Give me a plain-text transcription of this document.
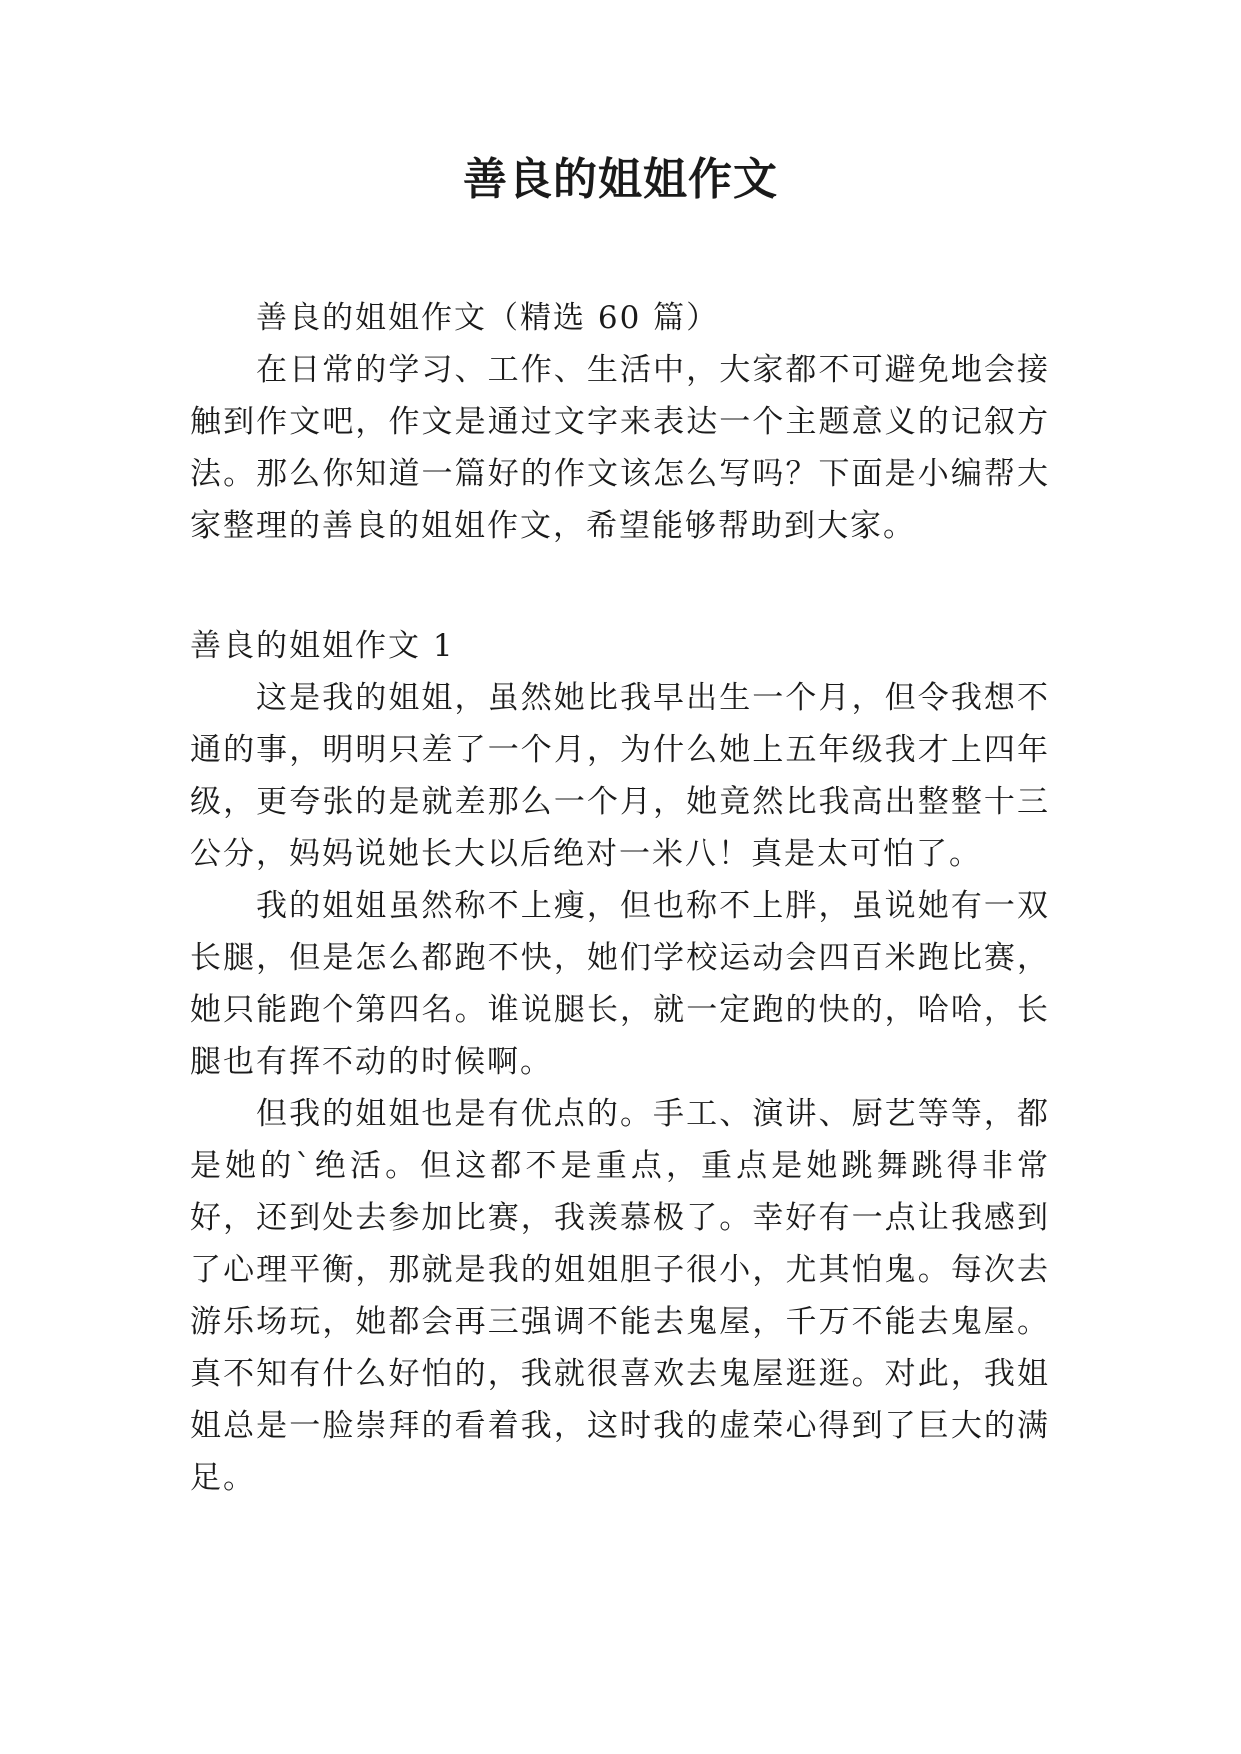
善良的姐姐作文

善良的姐姐作文（精选 60 篇）

在日常的学习、工作、生活中，大家都不可避免地会接触到作文吧，作文是通过文字来表达一个主题意义的记叙方法。那么你知道一篇好的作文该怎么写吗？下面是小编帮大家整理的善良的姐姐作文，希望能够帮助到大家。

善良的姐姐作文 1

这是我的姐姐，虽然她比我早出生一个月，但令我想不通的事，明明只差了一个月，为什么她上五年级我才上四年级，更夸张的是就差那么一个月，她竟然比我高出整整十三公分，妈妈说她长大以后绝对一米八！真是太可怕了。

我的姐姐虽然称不上瘦，但也称不上胖，虽说她有一双长腿，但是怎么都跑不快，她们学校运动会四百米跑比赛，她只能跑个第四名。谁说腿长，就一定跑的快的，哈哈，长腿也有挥不动的时候啊。

但我的姐姐也是有优点的。手工、演讲、厨艺等等，都是她的`绝活。但这都不是重点，重点是她跳舞跳得非常好，还到处去参加比赛，我羡慕极了。幸好有一点让我感到了心理平衡，那就是我的姐姐胆子很小，尤其怕鬼。每次去游乐场玩，她都会再三强调不能去鬼屋，千万不能去鬼屋。真不知有什么好怕的，我就很喜欢去鬼屋逛逛。对此，我姐姐总是一脸崇拜的看着我，这时我的虚荣心得到了巨大的满足。
